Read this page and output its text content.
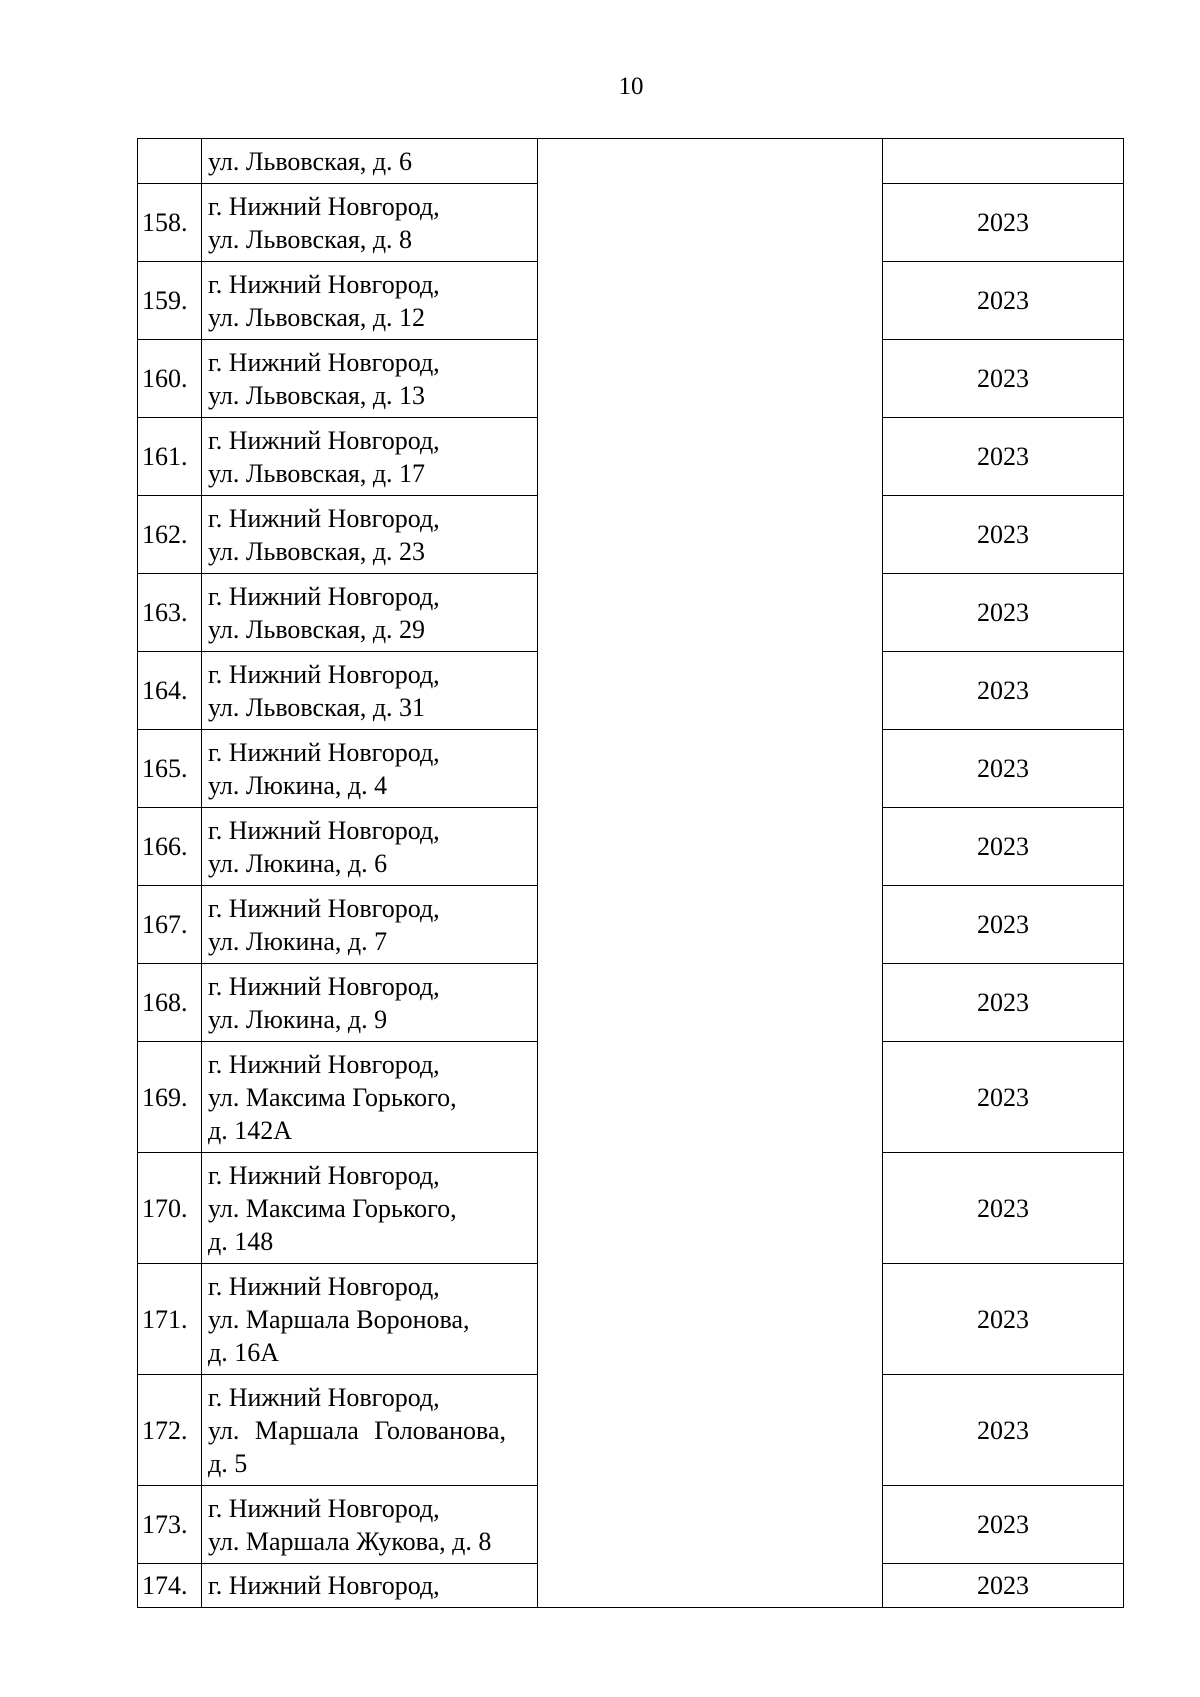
10

	ул. Львовская, д. 6		

158.	г. Нижний Новгород,
ул. Львовская, д. 8		2023
159.	г. Нижний Новгород,
ул. Львовская, д. 12		2023
160.	г. Нижний Новгород,
ул. Львовская, д. 13		2023
161.	г. Нижний Новгород,
ул. Львовская, д. 17		2023
162.	г. Нижний Новгород,
ул. Львовская, д. 23		2023
163.	г. Нижний Новгород,
ул. Львовская, д. 29		2023
164.	г. Нижний Новгород,
ул. Львовская, д. 31		2023
165.	г. Нижний Новгород,
ул. Люкина, д. 4		2023
166.	г. Нижний Новгород,
ул. Люкина, д. 6		2023
167.	г. Нижний Новгород,
ул. Люкина, д. 7		2023
168.	г. Нижний Новгород,
ул. Люкина, д. 9		2023
169.	г. Нижний Новгород,
ул. Максима Горького,
д. 142А		2023
170.	г. Нижний Новгород,
ул. Максима Горького,
д. 148		2023
171.	г. Нижний Новгород,
ул. Маршала Воронова,
д. 16А		2023
172.	г. Нижний Новгород,
ул. Маршала Голованова,
д. 5		2023
173.	г. Нижний Новгород,
ул. Маршала Жукова, д. 8		2023
174.	г. Нижний Новгород,		2023
